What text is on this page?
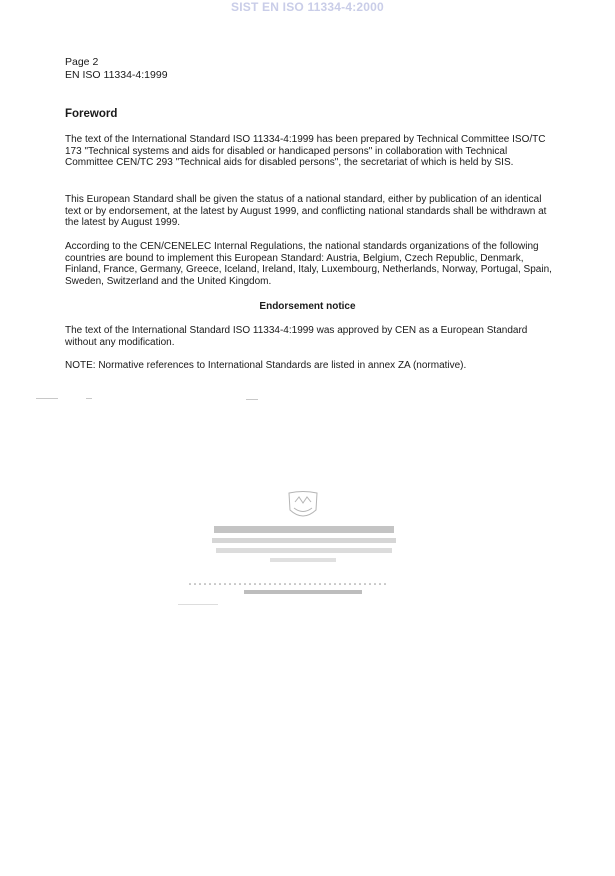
SIST EN ISO 11334-4:2000
Page 2
EN ISO 11334-4:1999
Foreword

The text of the International Standard ISO 11334-4:1999 has been prepared by Technical Committee ISO/TC 173 "Technical systems and aids for disabled or handicaped persons" in collaboration with Technical Committee CEN/TC 293 "Technical aids for disabled persons", the secretariat of which is held by SIS.

This European Standard shall be given the status of a national standard, either by publication of an identical text or by endorsement, at the latest by August 1999, and conflicting national standards shall be withdrawn at the latest by August 1999.

According to the CEN/CENELEC Internal Regulations, the national standards organizations of the following countries are bound to implement this European Standard: Austria, Belgium, Czech Republic, Denmark, Finland, France, Germany, Greece, Iceland, Ireland, Italy, Luxembourg, Netherlands, Norway, Portugal, Spain, Sweden, Switzerland and the United Kingdom.

Endorsement notice

The text of the International Standard ISO 11334-4:1999 was approved by CEN as a European Standard without any modification.

NOTE: Normative references to International Standards are listed in annex ZA (normative).
